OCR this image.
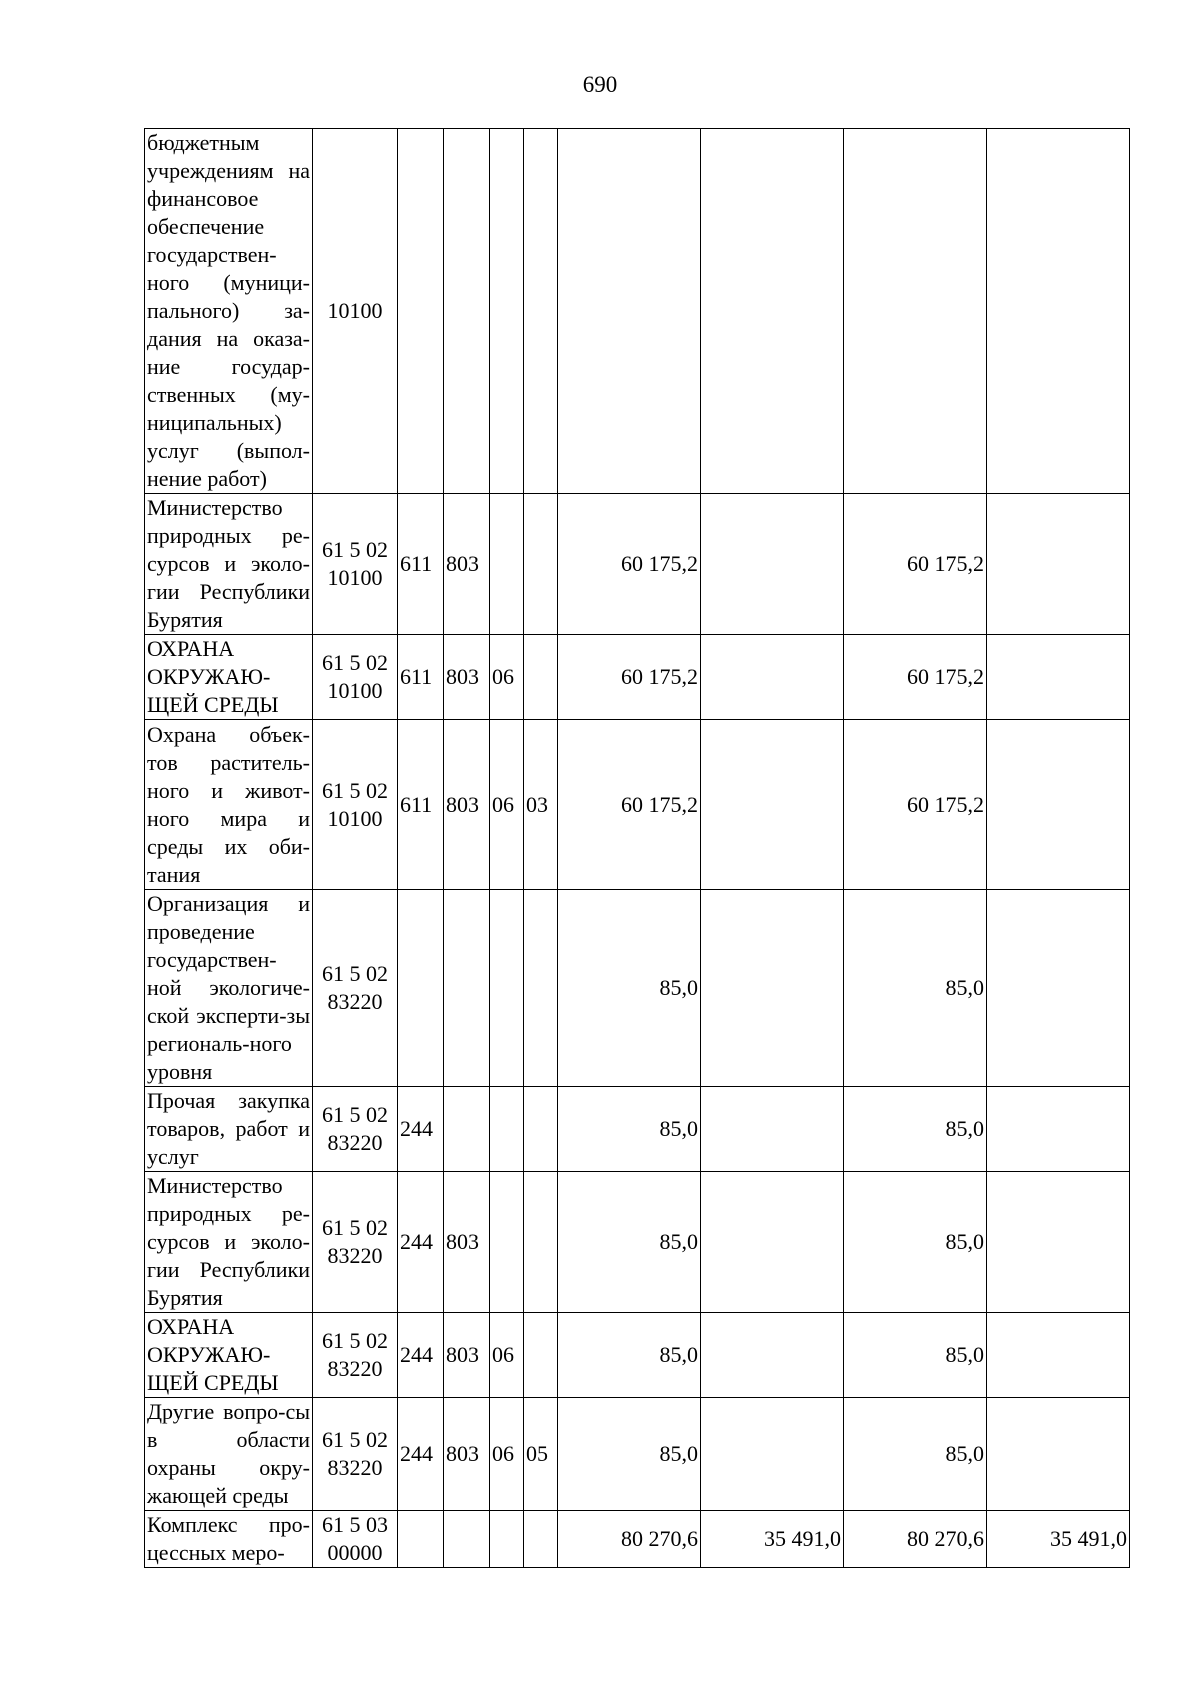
690
бюджетным учреждениям на финансовое обеспечение государствен-ного (муници-пального) за-дания на оказа-ние государ-ственных (му-ниципальных) услуг (выпол-нение работ)	10100								
Министерство природных ре-сурсов и эколо-гии Республики Бурятия	61 5 02 10100	611	803			60 175,2		60 175,2	
ОХРАНА ОКРУЖАЮ-ЩЕЙ СРЕДЫ	61 5 02 10100	611	803	06		60 175,2		60 175,2	
Охрана объек-тов раститель-ного и живот-ного мира и среды их оби-тания	61 5 02 10100	611	803	06	03	60 175,2		60 175,2	
Организация и проведение государствен-ной экологиче-ской эксперти-зы региональ-ного уровня	61 5 02 83220					85,0		85,0	
Прочая закупка товаров, работ и услуг	61 5 02 83220	244				85,0		85,0	
Министерство природных ре-сурсов и эколо-гии Республики Бурятия	61 5 02 83220	244	803			85,0		85,0	
ОХРАНА ОКРУЖАЮ-ЩЕЙ СРЕДЫ	61 5 02 83220	244	803	06		85,0		85,0	
Другие вопро-сы в области охраны окру-жающей среды	61 5 02 83220	244	803	06	05	85,0		85,0	
Комплекс про-цессных меро-	61 5 03 00000					80 270,6	35 491,0	80 270,6	35 491,0
